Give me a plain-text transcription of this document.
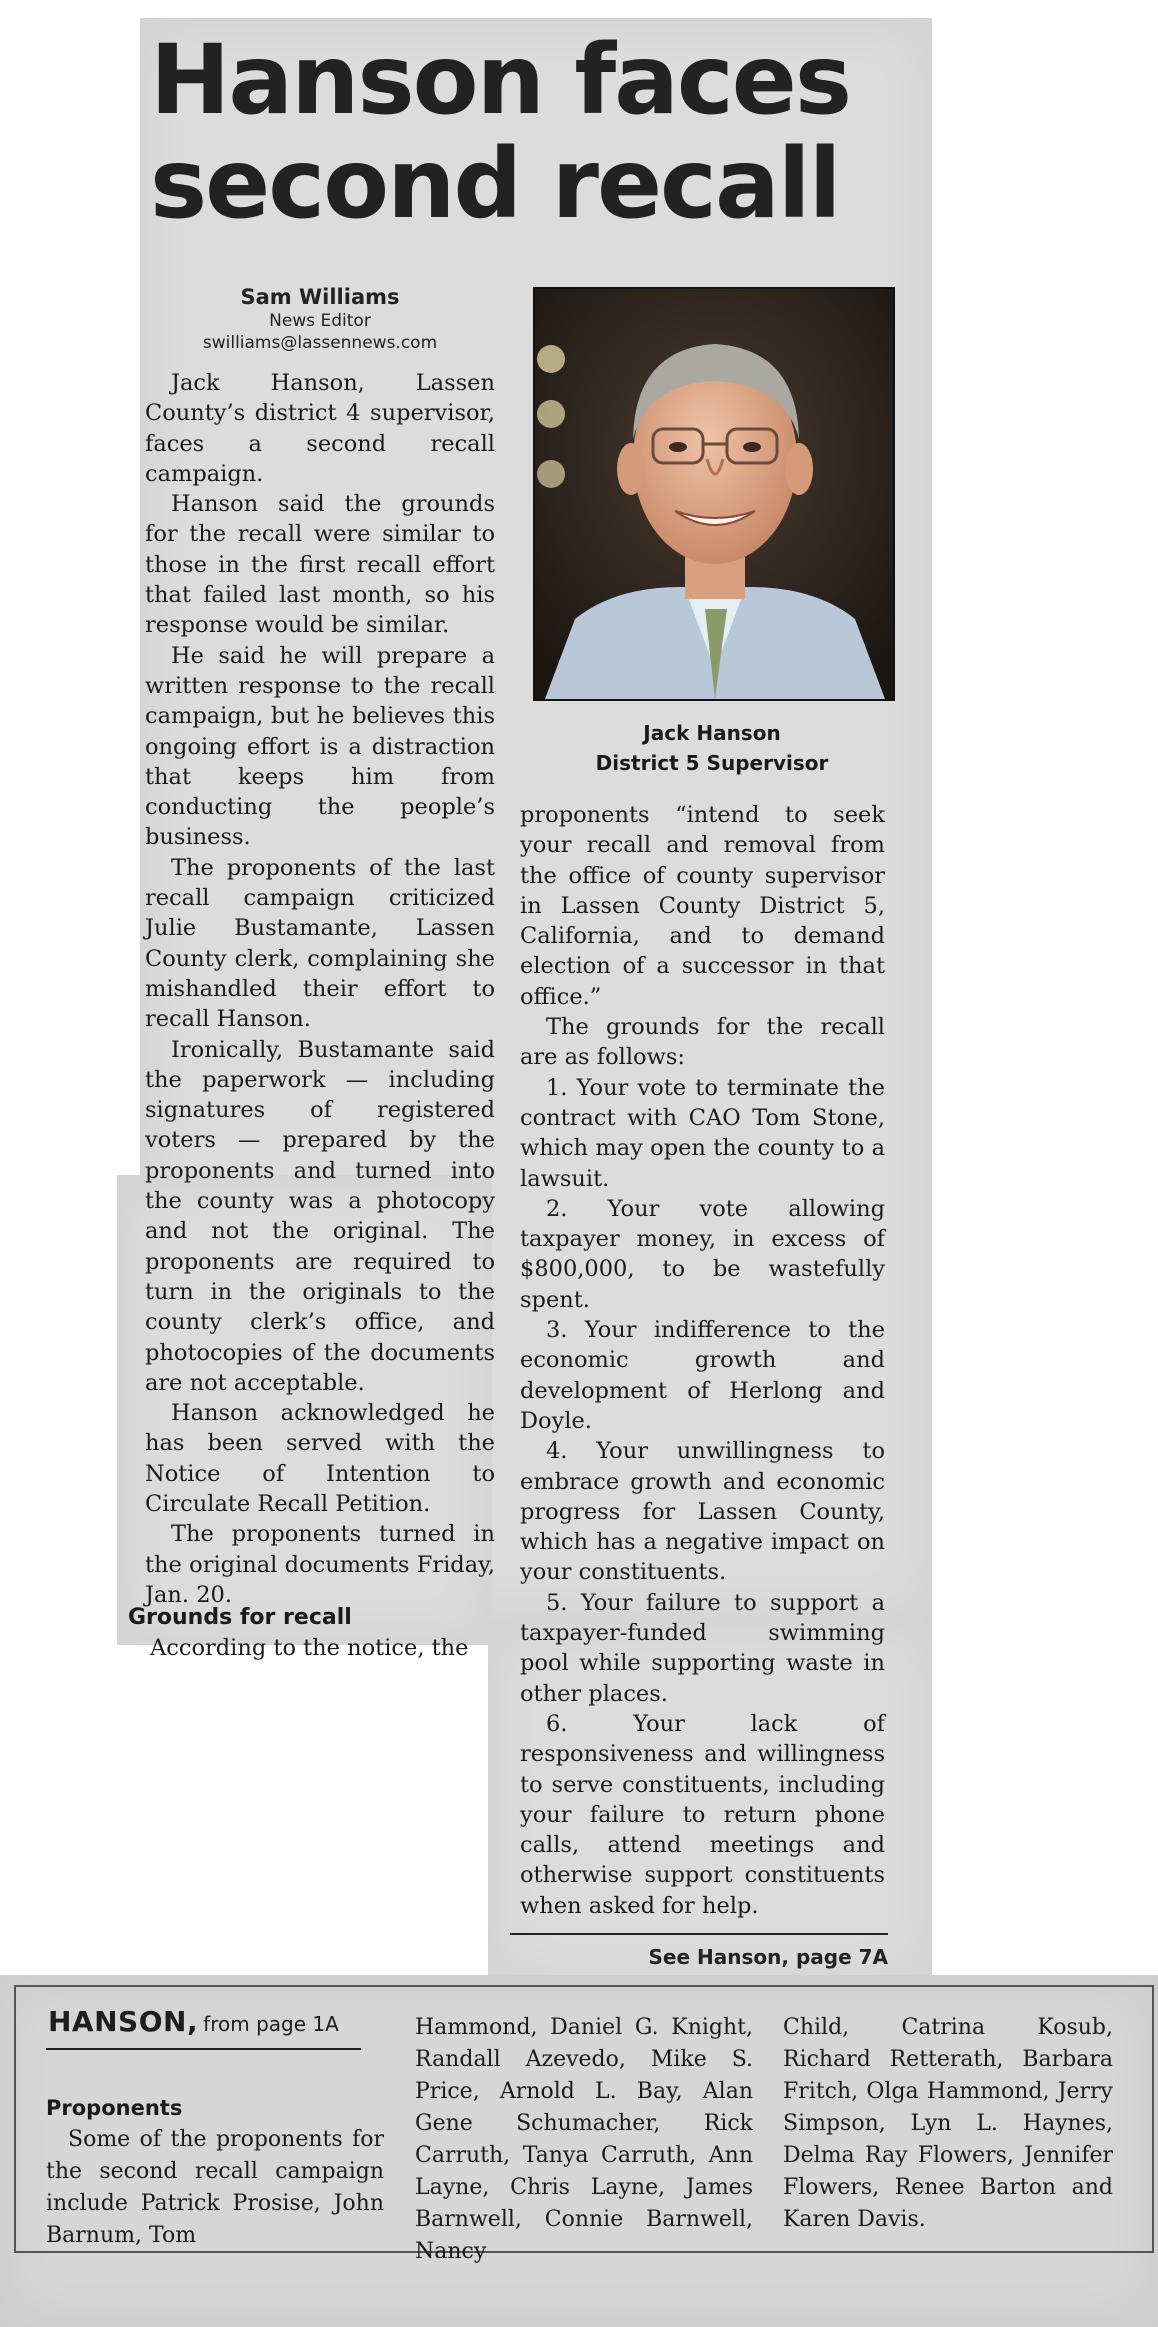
Hanson faces
second recall
Sam Williams
News Editor
swilliams@lassennews.com
Jack Hanson
District 5 Supervisor

Jack Hanson, Lassen County’s district 4 supervisor, faces a second recall campaign.

Hanson said the grounds for the recall were similar to those in the first recall effort that failed last month, so his response would be similar.

He said he will prepare a written response to the recall campaign, but he believes this ongoing effort is a distraction that keeps him from conducting the people’s business.

The proponents of the last recall campaign criticized Julie Bustamante, Lassen County clerk, complaining she mishandled their effort to recall Hanson.

Ironically, Bustamante said the paperwork — including signatures of registered voters — prepared by the proponents and turned into the county was a photocopy and not the original. The proponents are required to turn in the originals to the county clerk’s office, and photocopies of the documents are not acceptable.

Hanson acknowledged he has been served with the Notice of Intention to Circulate Recall Petition.

The proponents turned in the original documents Friday, Jan. 20.

Grounds for recall

According to the notice, the

proponents “intend to seek your recall and removal from the office of county supervisor in Lassen County District 5, California, and to demand election of a successor in that office.”

The grounds for the recall are as follows:

1. Your vote to terminate the contract with CAO Tom Stone, which may open the county to a lawsuit.

2. Your vote allowing taxpayer money, in excess of $800,000, to be wastefully spent.

3. Your indifference to the economic growth and development of Herlong and Doyle.

4. Your unwillingness to embrace growth and economic progress for Lassen County, which has a negative impact on your constituents.

5. Your failure to support a taxpayer-funded swimming pool while supporting waste in other places.

6. Your lack of responsiveness and willingness to serve constituents, including your failure to return phone calls, attend meetings and otherwise support constituents when asked for help.

See Hanson, page 7A
HANSON, from page 1A

Proponents

Some of the proponents for the second recall campaign include Patrick Prosise, John Barnum, Tom

Hammond, Daniel G. Knight, Randall Azevedo, Mike S. Price, Arnold L. Bay, Alan Gene Schumacher, Rick Carruth, Tanya Carruth, Ann Layne, Chris Layne, James Barnwell, Connie Barnwell, Nancy

Child, Catrina Kosub, Richard Retterath, Barbara Fritch, Olga Hammond, Jerry Simpson, Lyn L. Haynes, Delma Ray Flowers, Jennifer Flowers, Renee Barton and Karen Davis.
